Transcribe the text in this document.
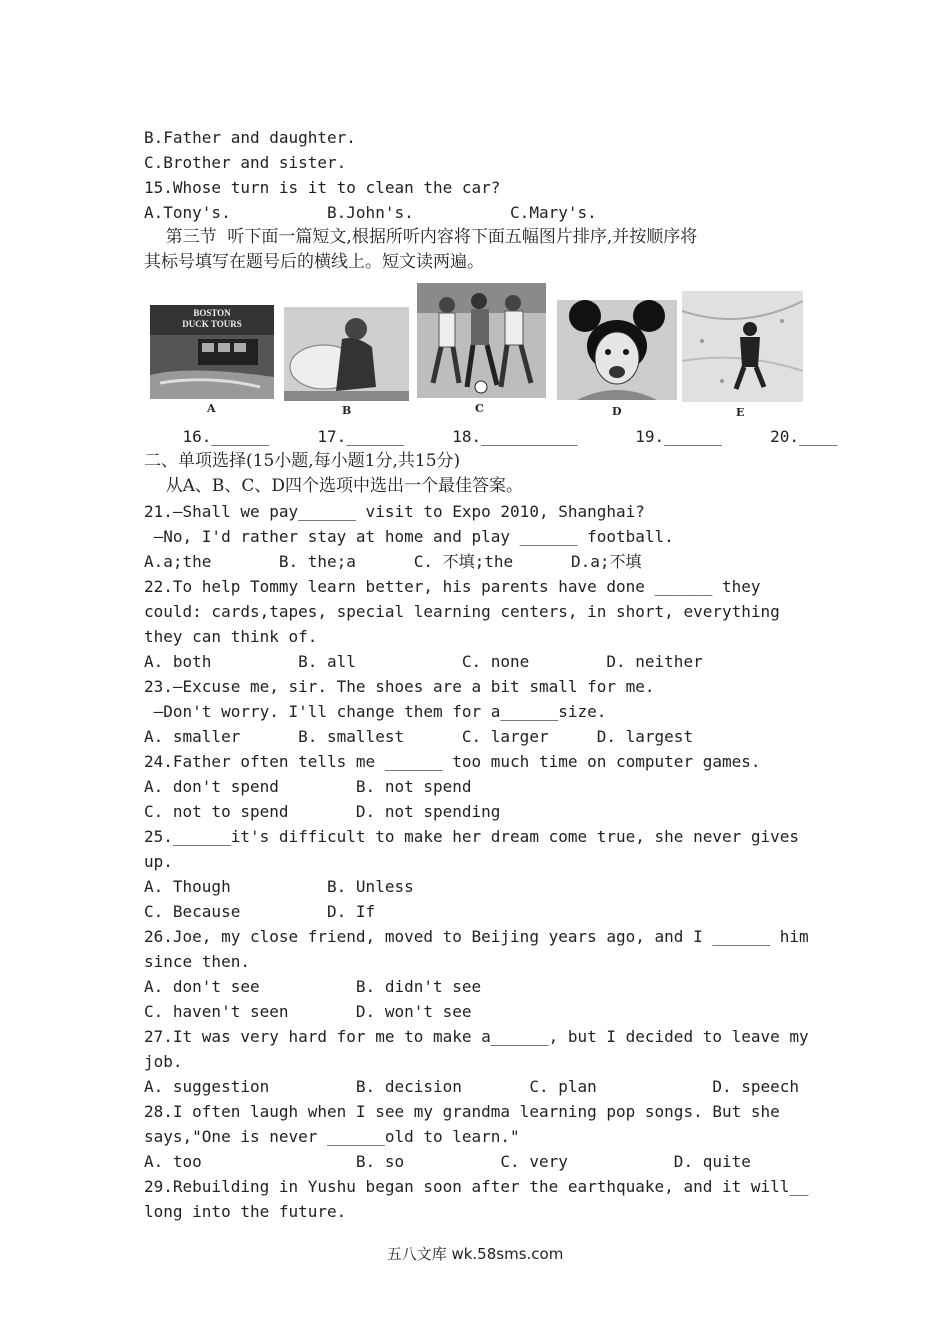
B.Father and daughter.
C.Brother and sister.
15.Whose turn is it to clean the car?
A.Tony's.          B.John's.          C.Mary's.
第三节  听下面一篇短文,根据所听内容将下面五幅图片排序,并按顺序将
其标号填写在题号后的横线上。短文读两遍。
BOSTON
DUCK TOURS
A	B	C	D	E
16.______     17.______     18.__________      19.______     20.____
二、单项选择(15小题,每小题1分,共15分)
从A、B、C、D四个选项中选出一个最佳答案。
21.—Shall we pay______ visit to Expo 2010, Shanghai?
—No, I'd rather stay at home and play ______ football.
A.a;the       B. the;a      C. 不填;the      D.a;不填
22.To help Tommy learn better, his parents have done ______ they
could: cards,tapes, special learning centers, in short, everything
they can think of.
A. both         B. all           C. none        D. neither
23.—Excuse me, sir. The shoes are a bit small for me.
—Don't worry. I'll change them for a______size.
A. smaller      B. smallest      C. larger     D. largest
24.Father often tells me ______ too much time on computer games.
A. don't spend        B. not spend
C. not to spend       D. not spending
25.______it's difficult to make her dream come true, she never gives
up.
A. Though          B. Unless
C. Because         D. If
26.Joe, my close friend, moved to Beijing years ago, and I ______ him
since then.
A. don't see          B. didn't see
C. haven't seen       D. won't see
27.It was very hard for me to make a______, but I decided to leave my
job.
A. suggestion         B. decision       C. plan            D. speech
28.I often laugh when I see my grandma learning pop songs. But she
says,"One is never ______old to learn."
A. too                B. so          C. very           D. quite
29.Rebuilding in Yushu began soon after the earthquake, and it will__
long into the future.
五八文库 wk.58sms.com
